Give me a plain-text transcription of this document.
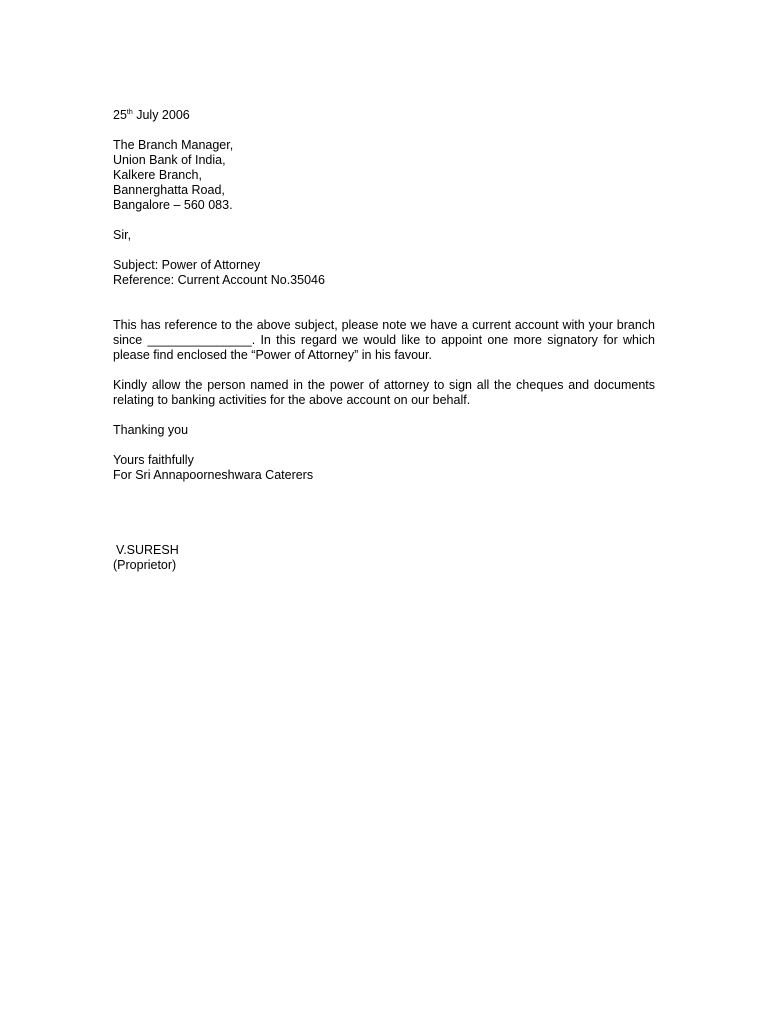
25th July 2006
The Branch Manager,
Union Bank of India,
Kalkere Branch,
Bannerghatta Road,
Bangalore – 560 083.
Sir,
Subject: Power of Attorney
Reference: Current Account No.35046
This has reference to the above subject, please note we have a current account with your branch since _______________. In this regard we would like to appoint one more signatory for which please find enclosed the “Power of Attorney” in his favour.
Kindly allow the person named in the power of attorney to sign all the cheques and documents relating to banking activities for the above account on our behalf.
Thanking you
Yours faithfully
For Sri Annapoorneshwara Caterers
V.SURESH
(Proprietor)
